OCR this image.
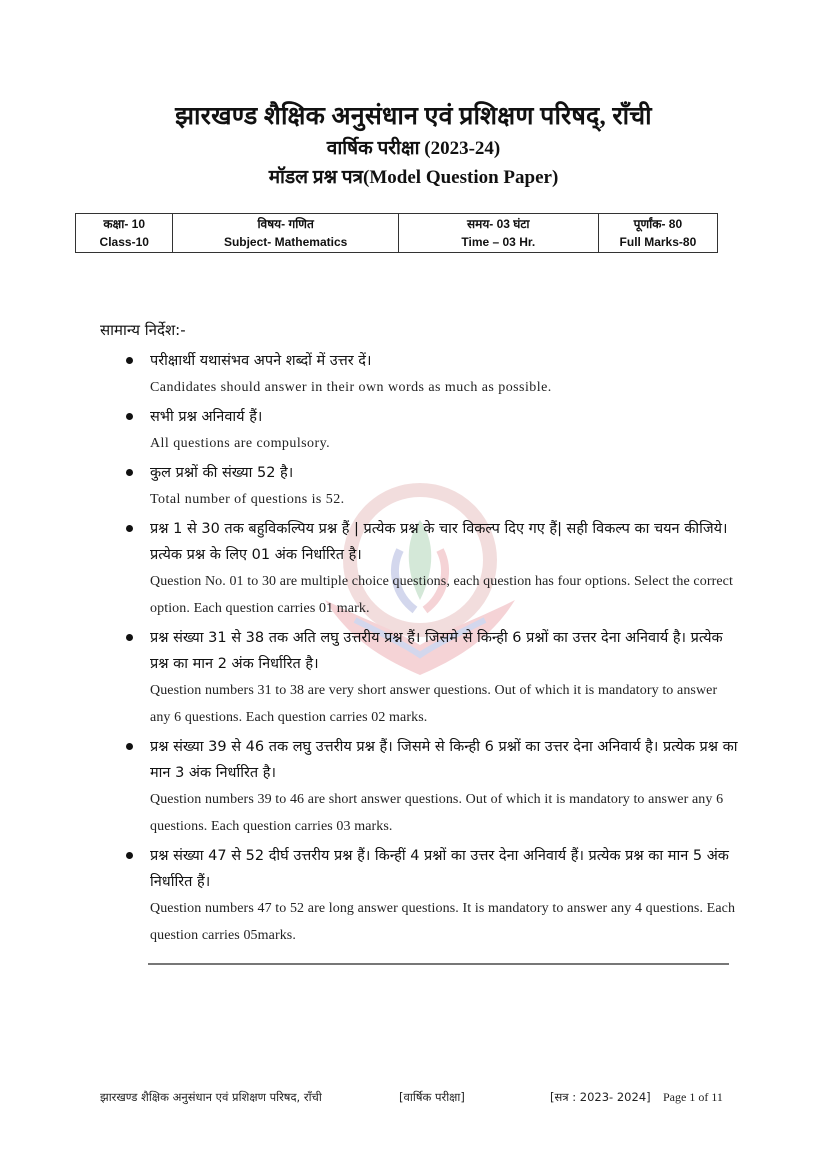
झारखण्ड शैक्षिक अनुसंधान एवं प्रशिक्षण परिषद्, राँची
वार्षिक परीक्षा (2023-24)
मॉडल प्रश्न पत्र(Model Question Paper)
कक्षा- 10
Class-10

विषय- गणित
Subject- Mathematics

समय- 03 घंटा
Time – 03 Hr.

पूर्णांक- 80
Full Marks-80

सामान्य निर्देश:-

परीक्षार्थी यथासंभव अपने शब्दों में उत्तर दें।

Candidates should answer in their own words as much as possible.

सभी प्रश्न अनिवार्य हैं।

All questions are compulsory.

कुल प्रश्नों की संख्या 52 है।

Total number of questions is 52.

प्रश्न 1 से 30 तक बहुविकल्पिय प्रश्न हैं | प्रत्येक प्रश्न के चार विकल्प दिए गए हैं| सही विकल्प का चयन कीजिये। प्रत्येक प्रश्न के लिए 01 अंक निर्धारित है।

Question No. 01 to 30 are multiple choice questions, each question has four options. Select the correct option. Each question carries 01 mark.

प्रश्न संख्या 31 से 38 तक अति लघु उत्तरीय प्रश्न हैं। जिसमे से किन्ही 6 प्रश्नों का उत्तर देना अनिवार्य है। प्रत्येक प्रश्न का मान 2 अंक निर्धारित है।

Question numbers 31 to 38 are very short answer questions. Out of which it is mandatory to answer any 6 questions. Each question carries 02 marks.

प्रश्न संख्या 39 से 46 तक लघु उत्तरीय प्रश्न हैं। जिसमे से किन्ही 6 प्रश्नों का उत्तर देना अनिवार्य है। प्रत्येक प्रश्न का मान 3 अंक निर्धारित है।

Question numbers 39 to 46 are short answer questions. Out of which it is mandatory to answer any 6 questions. Each question carries 03 marks.

प्रश्न संख्या 47 से 52 दीर्घ उत्तरीय प्रश्न हैं। किन्हीं 4 प्रश्नों का उत्तर देना अनिवार्य हैं। प्रत्येक प्रश्न का मान 5 अंक निर्धारित हैं।

Question numbers 47 to 52 are long answer questions. It is mandatory to answer any 4 questions. Each question carries 05marks.

झारखण्ड शैक्षिक अनुसंधान एवं प्रशिक्षण परिषद, राँची	[वार्षिक परीक्षा]	[सत्र : 2023- 2024] Page 1 of 11
